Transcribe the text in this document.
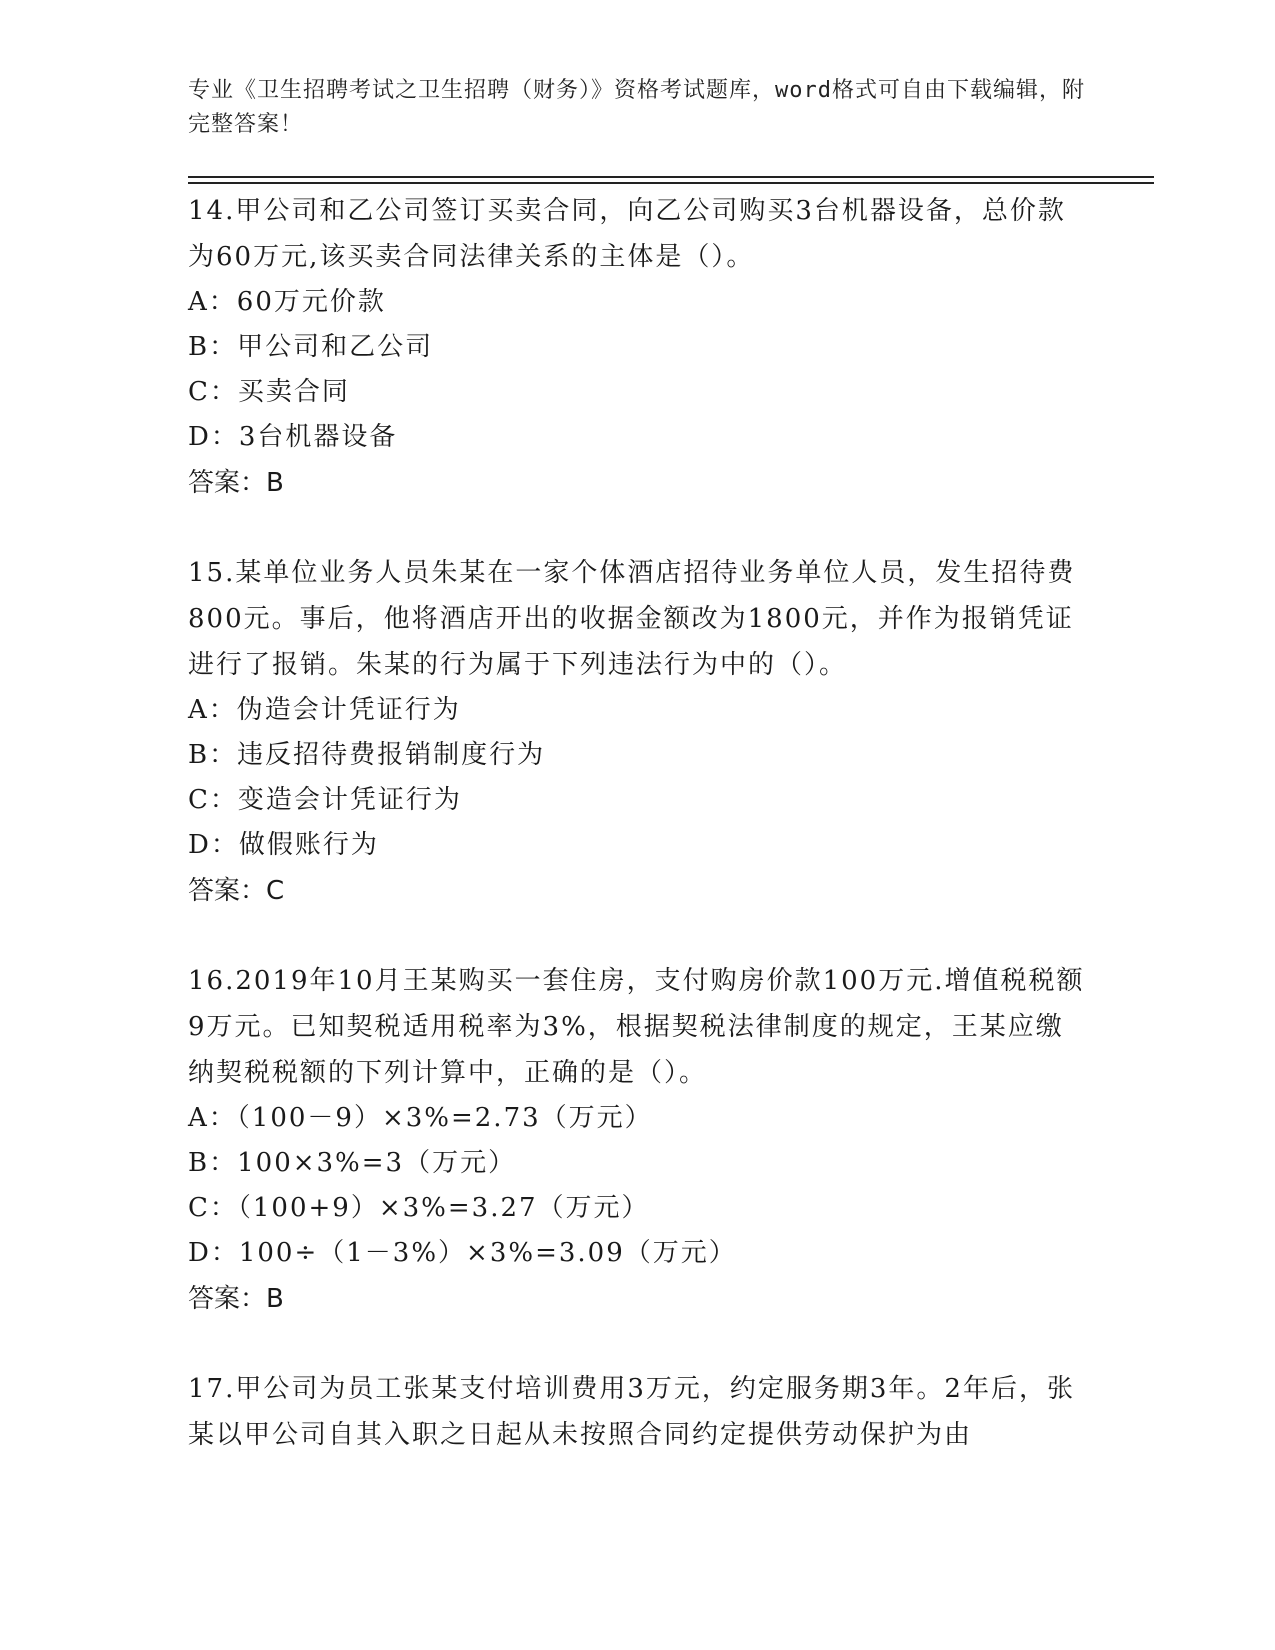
专业《卫生招聘考试之卫生招聘（财务）》资格考试题库，word格式可自由下载编辑，附完整答案！

14.甲公司和乙公司签订买卖合同，向乙公司购买3台机器设备，总价款为60万元,该买卖合同法律关系的主体是（）。

A：60万元价款

B：甲公司和乙公司

C：买卖合同

D：3台机器设备

答案：B

15.某单位业务人员朱某在一家个体酒店招待业务单位人员，发生招待费800元。事后，他将酒店开出的收据金额改为1800元，并作为报销凭证进行了报销。朱某的行为属于下列违法行为中的（）。

A：伪造会计凭证行为

B：违反招待费报销制度行为

C：变造会计凭证行为

D：做假账行为

答案：C

16.2019年10月王某购买一套住房，支付购房价款100万元.增值税税额9万元。已知契税适用税率为3%，根据契税法律制度的规定，王某应缴纳契税税额的下列计算中，正确的是（）。

A：（100－9）×3%=2.73（万元）

B：100×3%=3（万元）

C：（100+9）×3%=3.27（万元）

D：100÷（1－3%）×3%=3.09（万元）

答案：B

17.甲公司为员工张某支付培训费用3万元，约定服务期3年。2年后，张某以甲公司自其入职之日起从未按照合同约定提供劳动保护为由
